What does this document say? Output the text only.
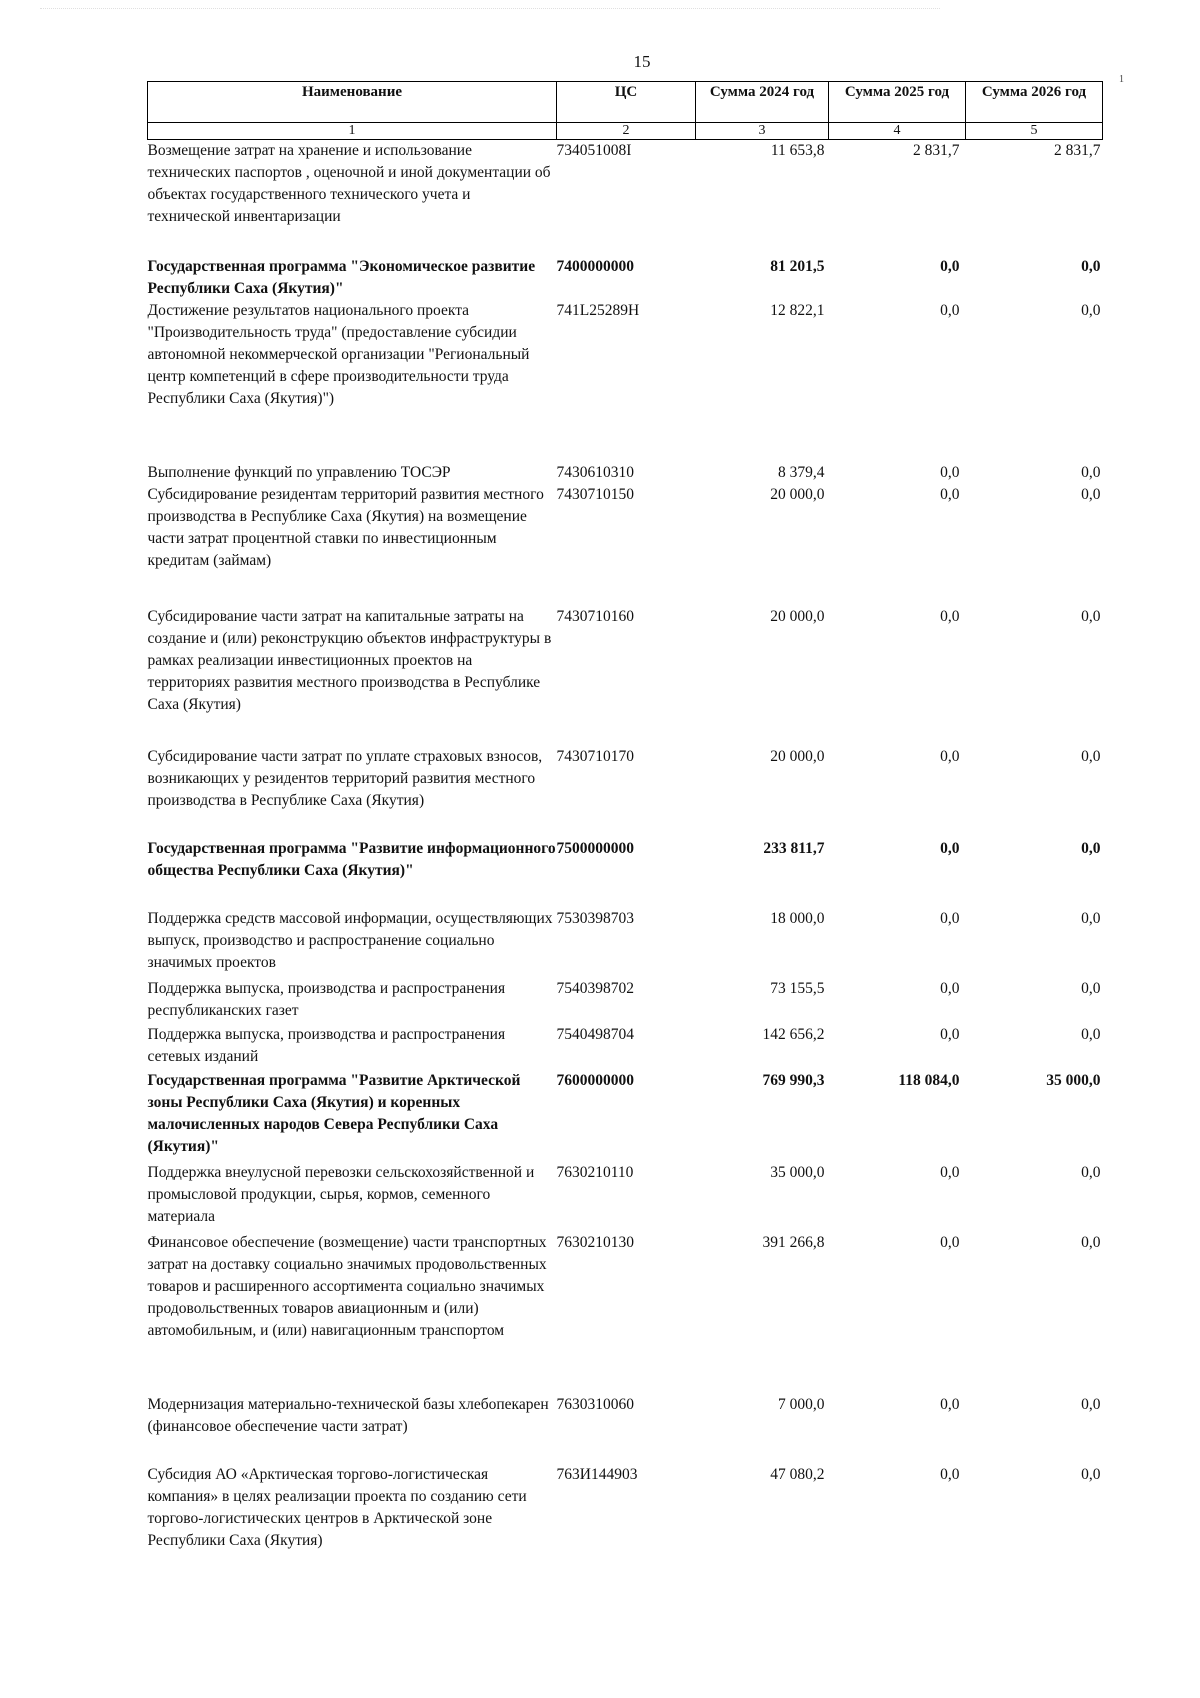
15
1
Наименование	ЦС	Сумма 2024 год	Сумма 2025 год	Сумма 2026 год
1	2	3	4	5
Возмещение затрат на хранение и использование технических паспортов , оценочной и иной документации об объектах государственного технического учета и технической инвентаризации	734051008I	11 653,8	2 831,7	2 831,7
Государственная программа "Экономическое развитие Республики Саха (Якутия)"	7400000000	81 201,5	0,0	0,0
Достижение результатов национального проекта "Производительность труда" (предоставление субсидии автономной некоммерческой организации "Региональный центр компетенций в сфере производительности труда Республики Саха (Якутия)")	741L25289H	12 822,1	0,0	0,0
Выполнение функций по управлению ТОСЭР	7430610310	8 379,4	0,0	0,0
Субсидирование резидентам территорий развития местного производства в Республике Саха (Якутия) на возмещение части затрат процентной ставки по инвестиционным кредитам (займам)	7430710150	20 000,0	0,0	0,0
Субсидирование части затрат на капитальные затраты на создание и (или) реконструкцию объектов инфраструктуры в рамках реализации инвестиционных проектов на территориях развития местного производства в Республике Саха (Якутия)	7430710160	20 000,0	0,0	0,0
Субсидирование части затрат по уплате страховых взносов, возникающих у резидентов территорий развития местного производства в Республике Саха (Якутия)	7430710170	20 000,0	0,0	0,0
Государственная программа "Развитие информационного общества Республики Саха (Якутия)"	7500000000	233 811,7	0,0	0,0
Поддержка средств массовой информации, осуществляющих выпуск, производство и распространение социально значимых проектов	7530398703	18 000,0	0,0	0,0
Поддержка выпуска, производства и распространения республиканских газет	7540398702	73 155,5	0,0	0,0
Поддержка выпуска, производства и распространения сетевых изданий	7540498704	142 656,2	0,0	0,0
Государственная программа "Развитие Арктической зоны Республики Саха (Якутия) и коренных малочисленных народов Севера Республики Саха (Якутия)"	7600000000	769 990,3	118 084,0	35 000,0
Поддержка внеулусной перевозки сельскохозяйственной и промысловой продукции, сырья, кормов, семенного материала	7630210110	35 000,0	0,0	0,0
Финансовое обеспечение (возмещение) части транспортных затрат на доставку социально значимых продовольственных товаров и расширенного ассортимента социально значимых продовольственных товаров авиационным и (или) автомобильным, и (или) навигационным транспортом	7630210130	391 266,8	0,0	0,0
Модернизация материально-технической базы хлебопекарен (финансовое обеспечение части затрат)	7630310060	7 000,0	0,0	0,0
Субсидия АО «Арктическая торгово-логистическая компания» в целях реализации проекта по созданию сети торгово-логистических центров в Арктической зоне Республики Саха (Якутия)	763И144903	47 080,2	0,0	0,0
